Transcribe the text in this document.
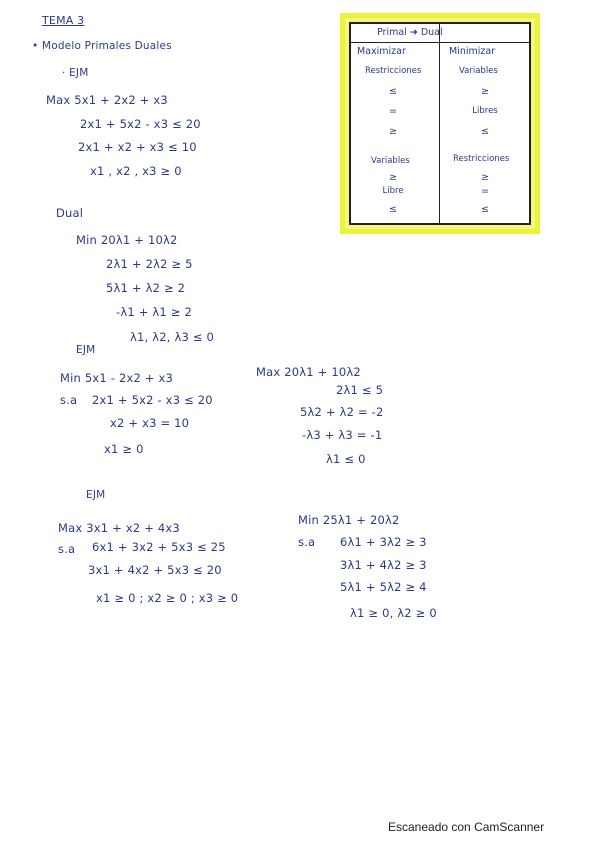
TEMA 3
• Modelo Primales Duales
· EJM
Max 5x1 + 2x2 + x3
2x1 + 5x2 - x3 ≤ 20
2x1 + x2 + x3 ≤ 10
x1 , x2 , x3 ≥ 0
Dual
Min 20λ1 + 10λ2
2λ1 + 2λ2 ≥ 5
5λ1 + λ2 ≥ 2
-λ1 + λ1 ≥ 2
λ1, λ2, λ3 ≤ 0
EJM
Min 5x1 - 2x2 + x3
s.a 2x1 + 5x2 - x3 ≤ 20
x2 + x3 = 10
x1 ≥ 0
Max 20λ1 + 10λ2
2λ1 ≤ 5
5λ2 + λ2 = -2
-λ3 + λ3 = -1
λ1 ≤ 0
EJM
Max 3x1 + x2 + 4x3
s.a 6x1 + 3x2 + 5x3 ≤ 25
3x1 + 4x2 + 5x3 ≤ 20
x1 ≥ 0 ; x2 ≥ 0 ; x3 ≥ 0
Min 25λ1 + 20λ2
s.a 6λ1 + 3λ2 ≥ 3
3λ1 + 4λ2 ≥ 3
5λ1 + 5λ2 ≥ 4
λ1 ≥ 0, λ2 ≥ 0
Primal ➜ Dual
Maximizar
Restricciones
≤
=
≥
Variables
≥
Libre
≤
Minimizar
Variables
≥
Libres
≤
Restricciones
≥
=
≤
Escaneado con CamScanner
